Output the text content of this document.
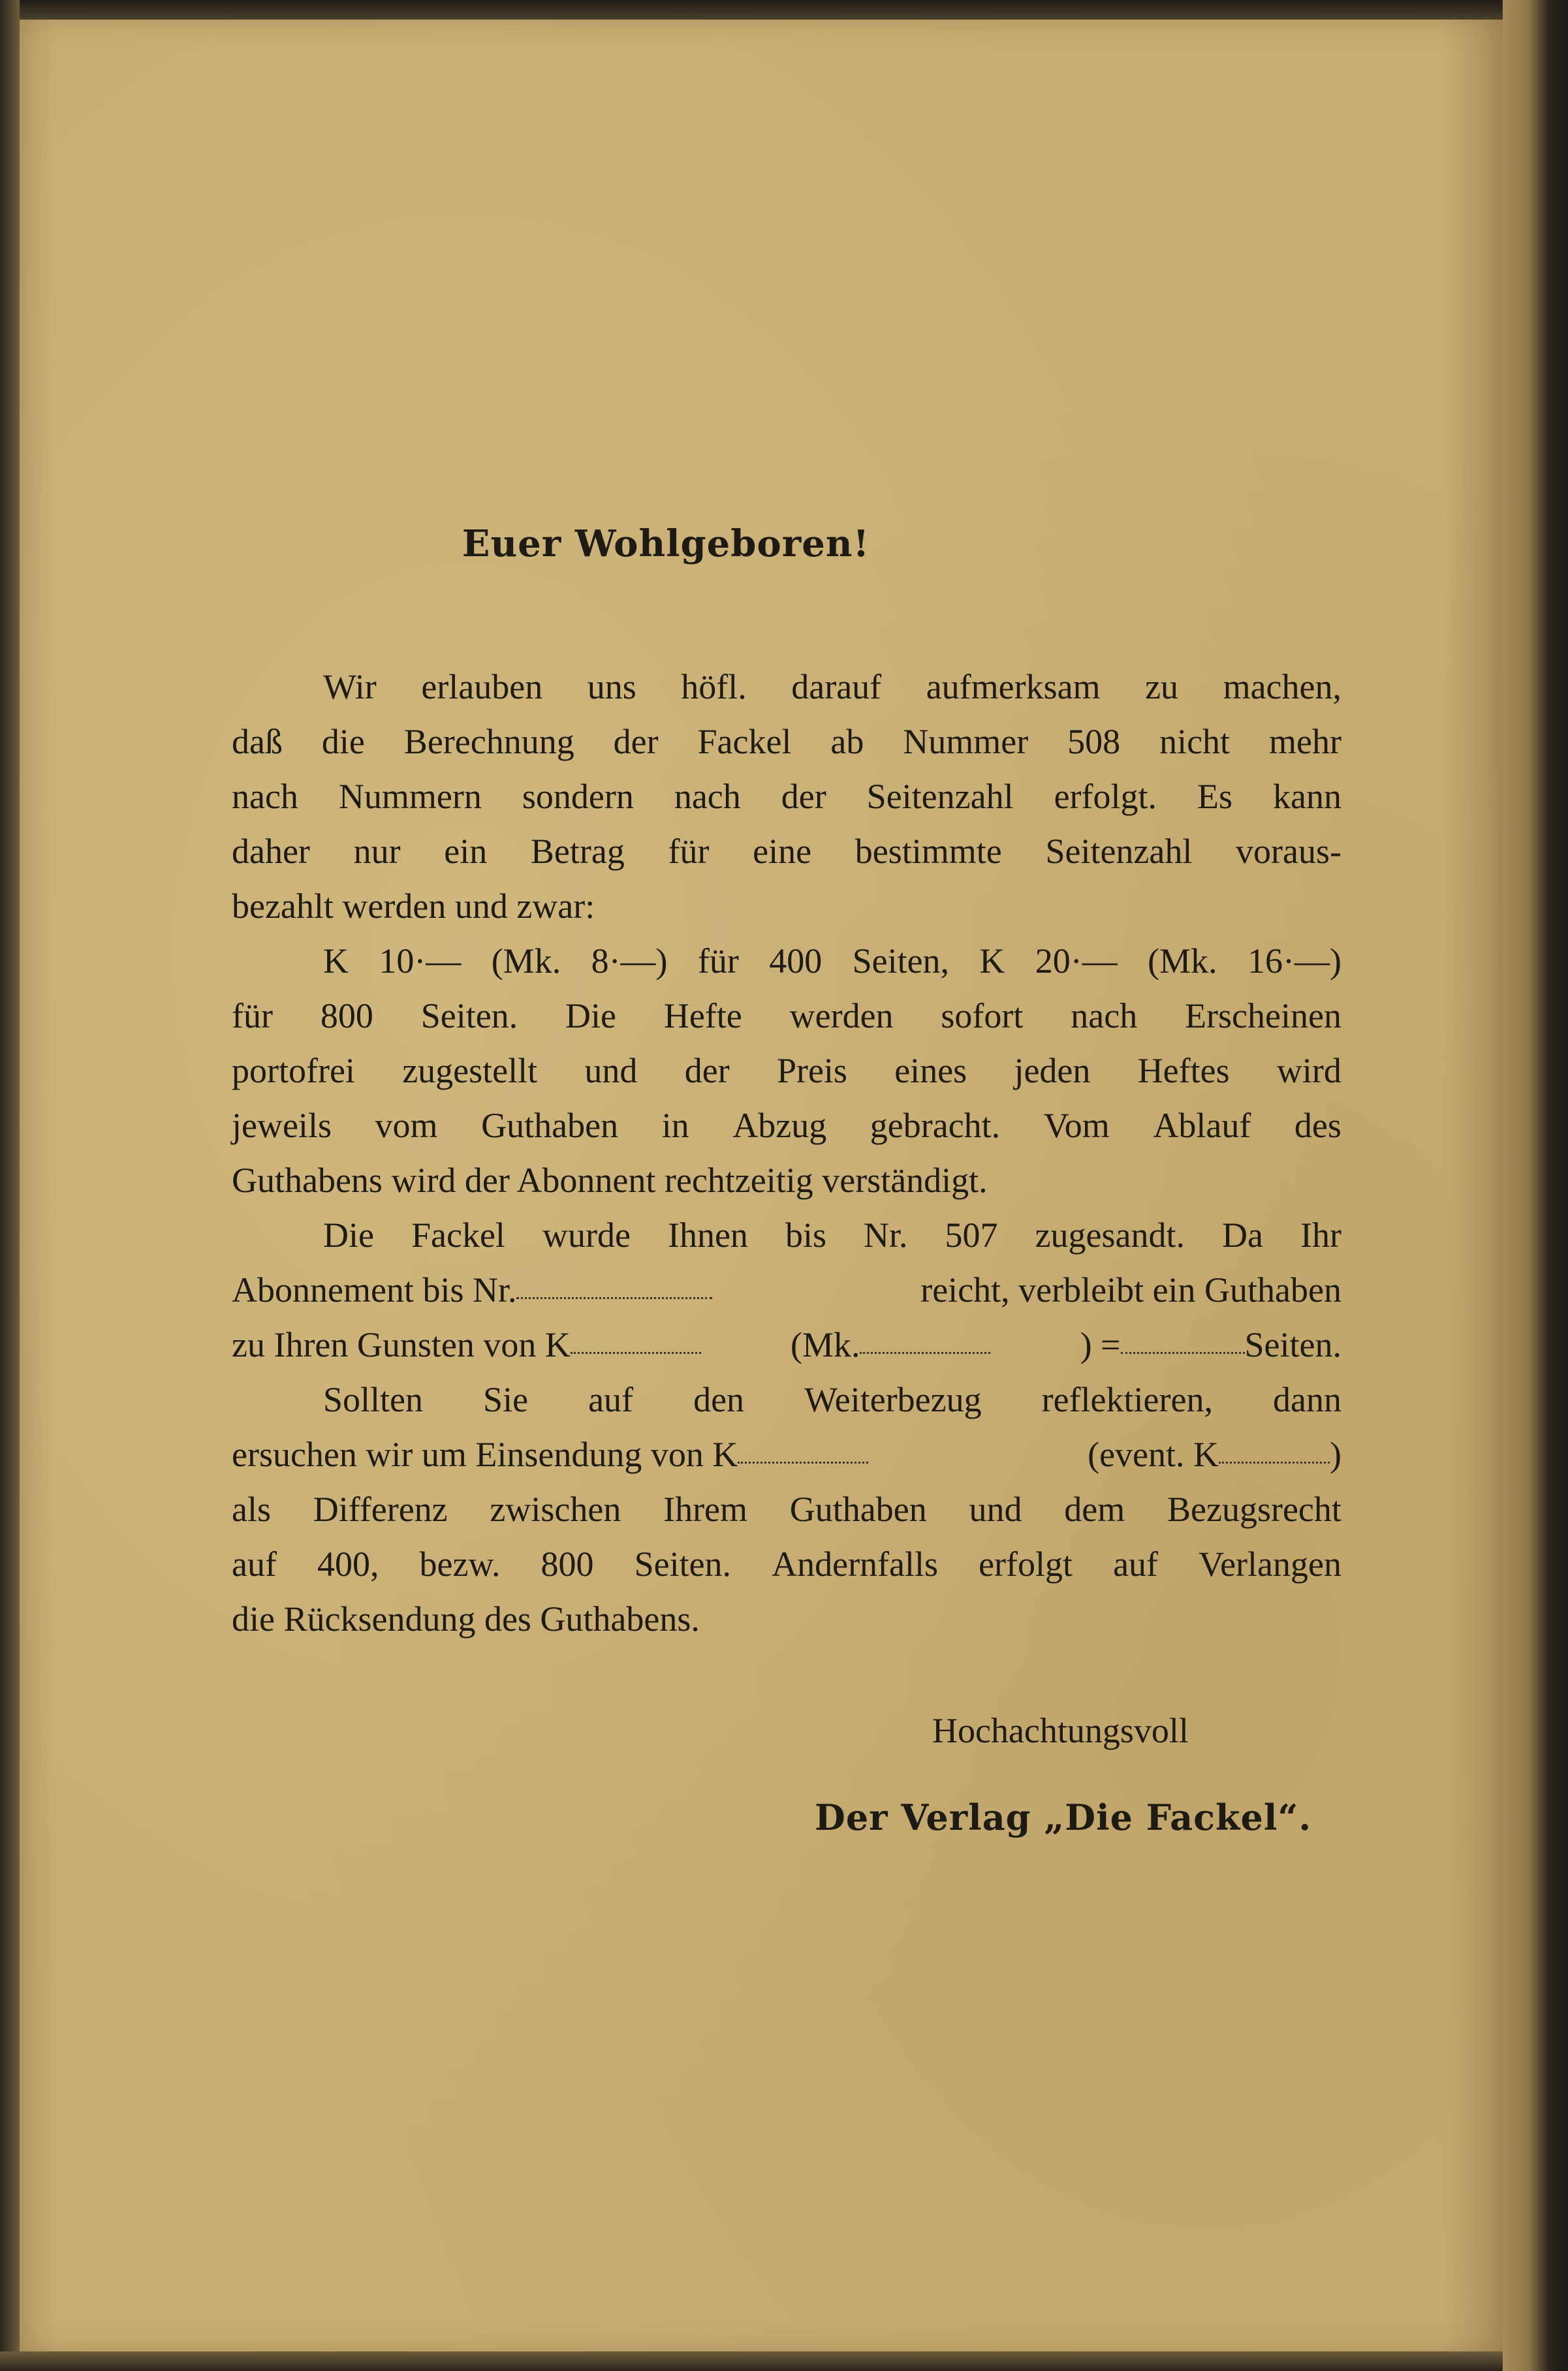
Euer Wohlgeboren!
Wir erlauben uns höfl. darauf aufmerksam zu machen,
daß die Berechnung der Fackel ab Nummer 508 nicht mehr
nach Nummern sondern nach der Seitenzahl erfolgt. Es kann
daher nur ein Betrag für eine bestimmte Seitenzahl voraus-
bezahlt werden und zwar:
K 10·— (Mk. 8·—) für 400 Seiten, K 20·— (Mk. 16·—)
für 800 Seiten. Die Hefte werden sofort nach Erscheinen
portofrei zugestellt und der Preis eines jeden Heftes wird
jeweils vom Guthaben in Abzug gebracht. Vom Ablauf des
Guthabens wird der Abonnent rechtzeitig verständigt.
Die Fackel wurde Ihnen bis Nr. 507 zugesandt. Da Ihr
Abonnement bis Nr.	reicht, verbleibt ein Guthaben
zu Ihren Gunsten von K	(Mk.	) =	Seiten.
Sollten Sie auf den Weiterbezug reflektieren, dann
ersuchen wir um Einsendung von K	(event. K	)
als Differenz zwischen Ihrem Guthaben und dem Bezugsrecht
auf 400, bezw. 800 Seiten. Andernfalls erfolgt auf Verlangen
die Rücksendung des Guthabens.
Hochachtungsvoll
Der Verlag „Die Fackel“.
